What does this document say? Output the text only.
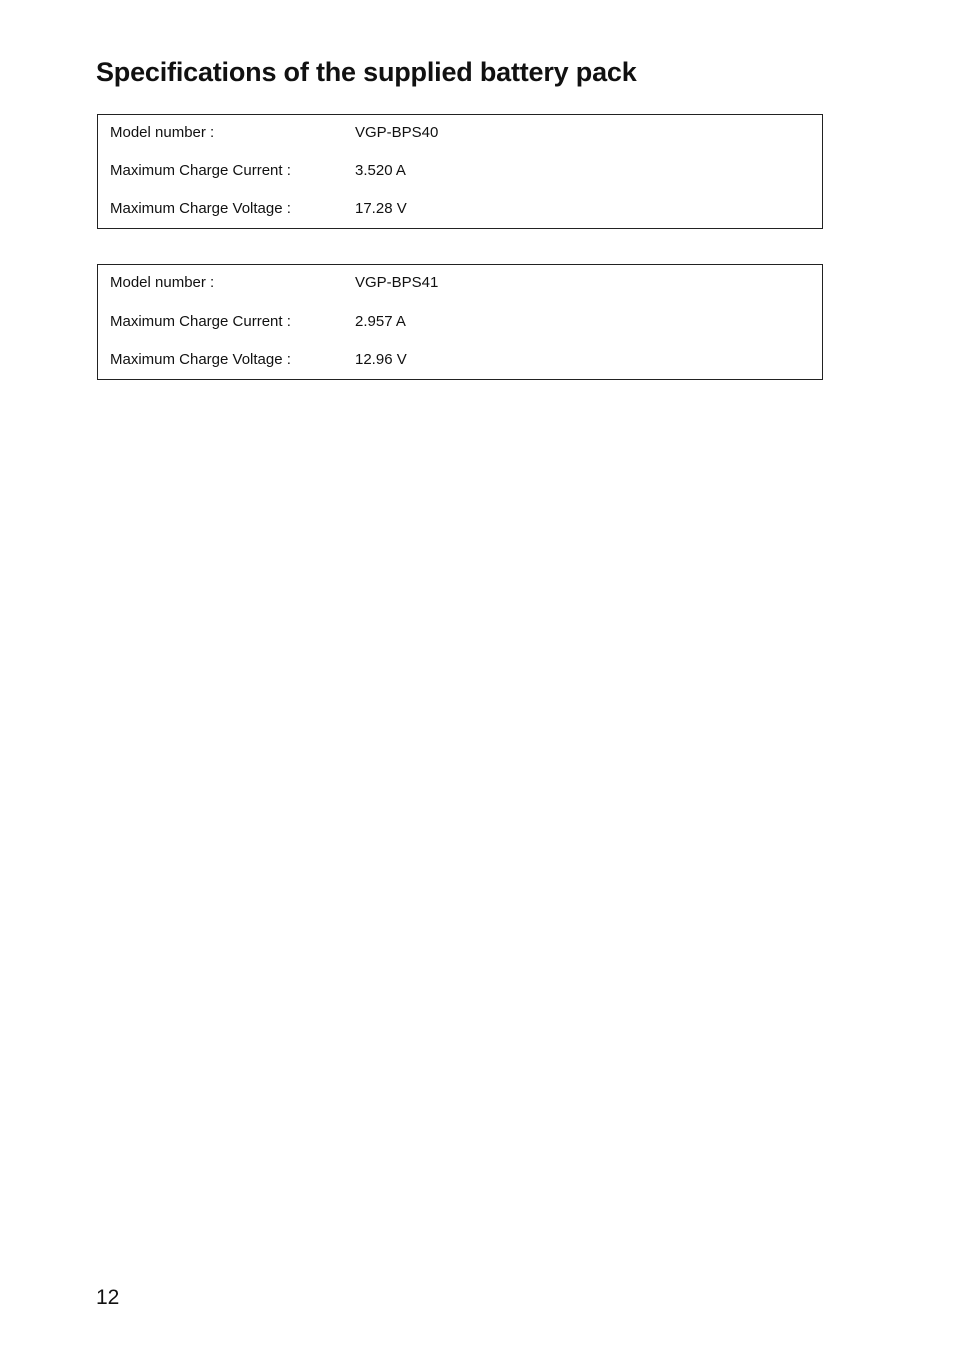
Specifications of the supplied battery pack
Model number :	VGP-BPS40
Maximum Charge Current :	3.520 A
Maximum Charge Voltage :	17.28 V
Model number :	VGP-BPS41
Maximum Charge Current :	2.957 A
Maximum Charge Voltage :	12.96 V
12
